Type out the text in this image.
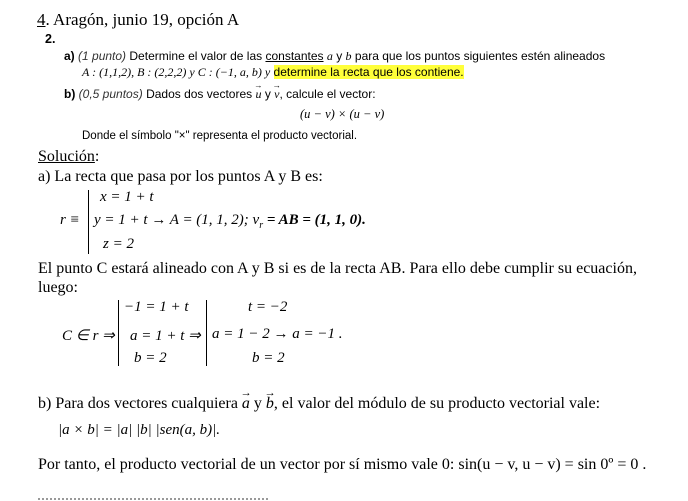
4. Aragón, junio 19, opción A
2.
a) (1 punto) Determine el valor de las constantes a y b para que los puntos siguientes estén alineados
A : (1,1,2), B : (2,2,2) y C : (−1, a, b) y determine la recta que los contiene.
b) (0,5 puntos) Dados dos vectores → u y → v, calcule el vector:
(u − v) × (u − v)
Donde el símbolo "×" representa el producto vectorial.
Solución:
a) La recta que pasa por los puntos A y B es:
r ≡
x = 1 + t
y = 1 + t → A = (1, 1, 2); $v_r$ = AB = (1, 1, 0).
z = 2
El punto C estará alineado con A y B si es de la recta AB. Para ello debe cumplir su ecuación,
luego:
C ∈ r ⇒
−1 = 1 + t
a = 1 + t ⇒
b = 2
t = −2
a = 1 − 2 → a = −1 .
b = 2
b) Para dos vectores cualquiera → a y → b, el valor del módulo de su producto vectorial vale:
|a × b| = |a| |b| |sen(a, b)|.
Por tanto, el producto vectorial de un vector por sí mismo vale 0: sin(u − v, u − v) = sin 0º = 0 .
